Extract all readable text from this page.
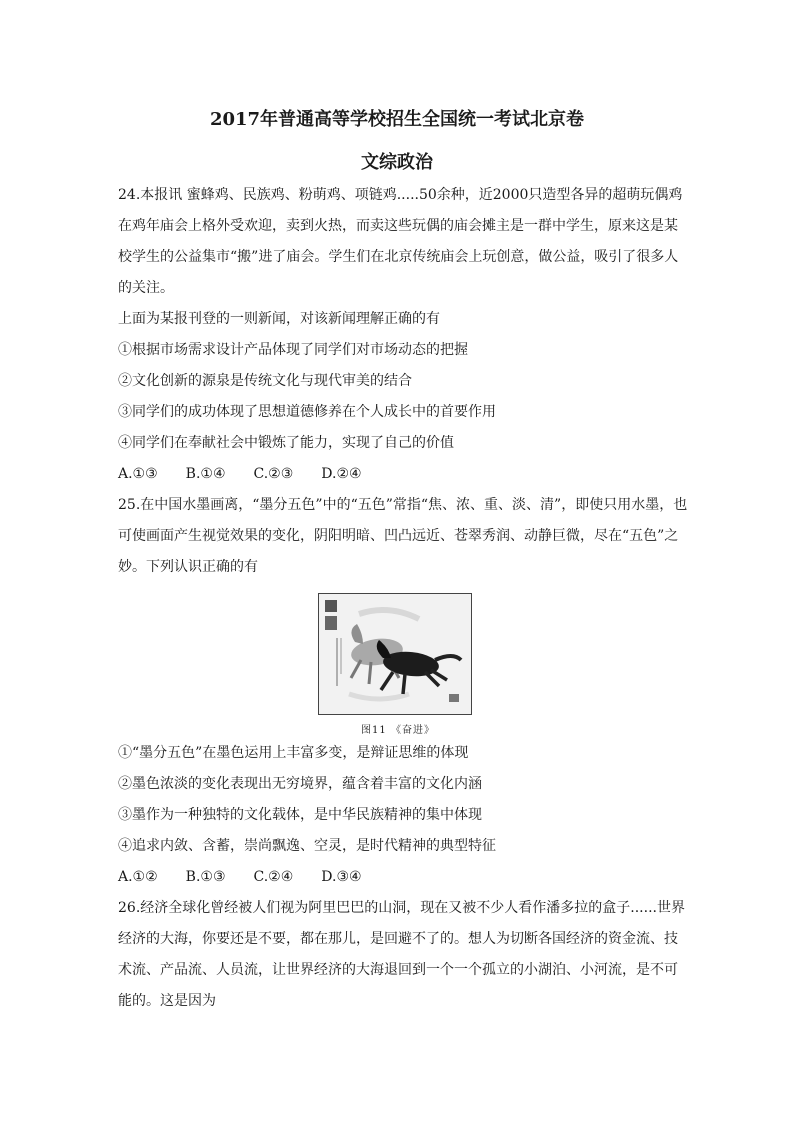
2017年普通高等学校招生全国统一考试北京卷
文综政治

24.本报讯 蜜蜂鸡、民族鸡、粉萌鸡、项链鸡.....50余种，近2000只造型各异的超萌玩偶鸡

在鸡年庙会上格外受欢迎，卖到火热，而卖这些玩偶的庙会摊主是一群中学生，原来这是某

校学生的公益集市“搬”进了庙会。学生们在北京传统庙会上玩创意，做公益，吸引了很多人

的关注。

上面为某报刊登的一则新闻，对该新闻理解正确的有

①根据市场需求设计产品体现了同学们对市场动态的把握

②文化创新的源泉是传统文化与现代审美的结合

③同学们的成功体现了思想道德修养在个人成长中的首要作用

④同学们在奉献社会中锻炼了能力，实现了自己的价值

A.①③ B.①④ C.②③ D.②④

25.在中国水墨画离，“墨分五色”中的“五色”常指“焦、浓、重、淡、清”，即使只用水墨，也

可使画面产生视觉效果的变化，阴阳明暗、凹凸远近、苍翠秀润、动静巨微，尽在“五色”之

妙。下列认识正确的有

图11 《奋进》

①“墨分五色”在墨色运用上丰富多变，是辩证思维的体现

②墨色浓淡的变化表现出无穷境界，蕴含着丰富的文化内涵

③墨作为一种独特的文化载体，是中华民族精神的集中体现

④追求内敛、含蓄，崇尚飘逸、空灵，是时代精神的典型特征

A.①② B.①③ C.②④ D.③④

26.经济全球化曾经被人们视为阿里巴巴的山洞，现在又被不少人看作潘多拉的盒子......世界

经济的大海，你要还是不要，都在那儿，是回避不了的。想人为切断各国经济的资金流、技

术流、产品流、人员流，让世界经济的大海退回到一个一个孤立的小湖泊、小河流，是不可

能的。这是因为
